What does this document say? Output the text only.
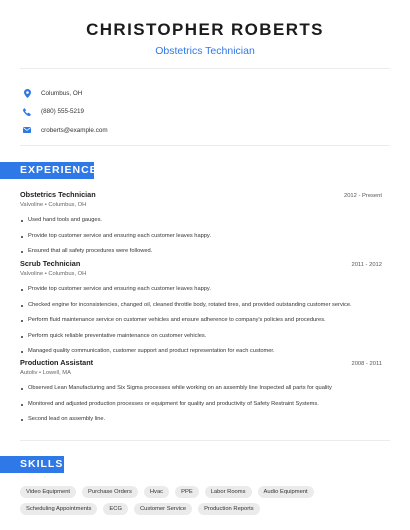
CHRISTOPHER ROBERTS
Obstetrics Technician
Columbus, OH
(880) 555-5219
croberts@example.com
EXPERIENCE
Obstetrics Technician	2012 - Present
Valvoline • Columbus, OH
Used hand tools and gauges.
Provide top customer service and ensuring each customer leaves happy.
Ensured that all safety procedures were followed.
Scrub Technician	2011 - 2012
Valvoline • Columbus, OH
Provide top customer service and ensuring each customer leaves happy.
Checked engine for inconsistencies, changed oil, cleaned throttle body, rotated tires, and provided outstanding customer service.
Perform fluid maintenance service on customer vehicles and ensure adherence to company's policies and procedures.
Perform quick reliable preventative maintenance on customer vehicles.
Managed quality communication, customer support and product representation for each customer.
Production Assistant	2008 - 2011
Autoliv • Lowell, MA
Observed Lean Manufacturing and Six Sigma processes while working on an assembly line Inspected all parts for quality
Monitored and adjusted production processes or equipment for quality and productivity of Safety Restraint Systems.
Second lead on assembly line.
SKILLS
Video Equipment	Purchase Orders	Hvac	PPE	Labor Rooms	Audio Equipment
Scheduling Appointments	ECG	Customer Service	Production Reports
